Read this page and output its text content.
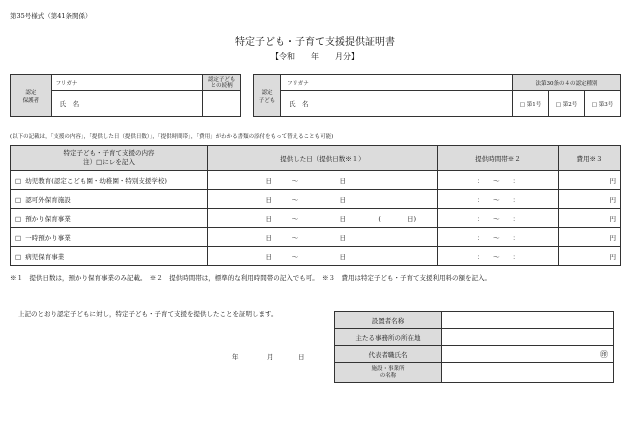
第35号様式（第41条関係）
特定子ども・子育て支援提供証明書
【令和　　年　　月分】
認定
保護者	フリガナ	認定子ども
との続柄
	氏　名	
認定
子ども	フリガナ	法第30条の４の認定種別		
	氏　名	□ 第1号	□ 第2号	□ 第3号
(以下の記載は，「支援の内容」，「提供した日（提供日数）」，「提供時間帯」，「費用」がわかる書類の添付をもって替えることも可能)
特定子ども・子育て支援の内容
注）□にレを記入	提供した日（提供日数※１）	提供時間帯※２	費用※３
□ 幼児教育(認定こども園・幼稚園・特別支援学校)	日 〜 日	：　　〜　　：	円
□ 認可外保育施設	日 〜 日	：　　〜　　：	円
□ 預かり保育事業	日 〜 日 (　　　　日)	：　　〜　　：	円
□ 一時預かり事業	日 〜 日	：　　〜　　：	円
□ 病児保育事業	日 〜 日	：　　〜　　：	円
※１　提供日数は，預かり保育事業のみ記載。　※２　提供時間帯は，標準的な利用時間帯の記入でも可。　※３　費用は特定子ども・子育て支援利用料の額を記入。
上記のとおり認定子どもに対し，特定子ども・子育て支援を提供したことを証明します。
年	月	日
設置者名称	
主たる事務所の所在地	
代表者職氏名	㊞
施設・事業所
の名称	
